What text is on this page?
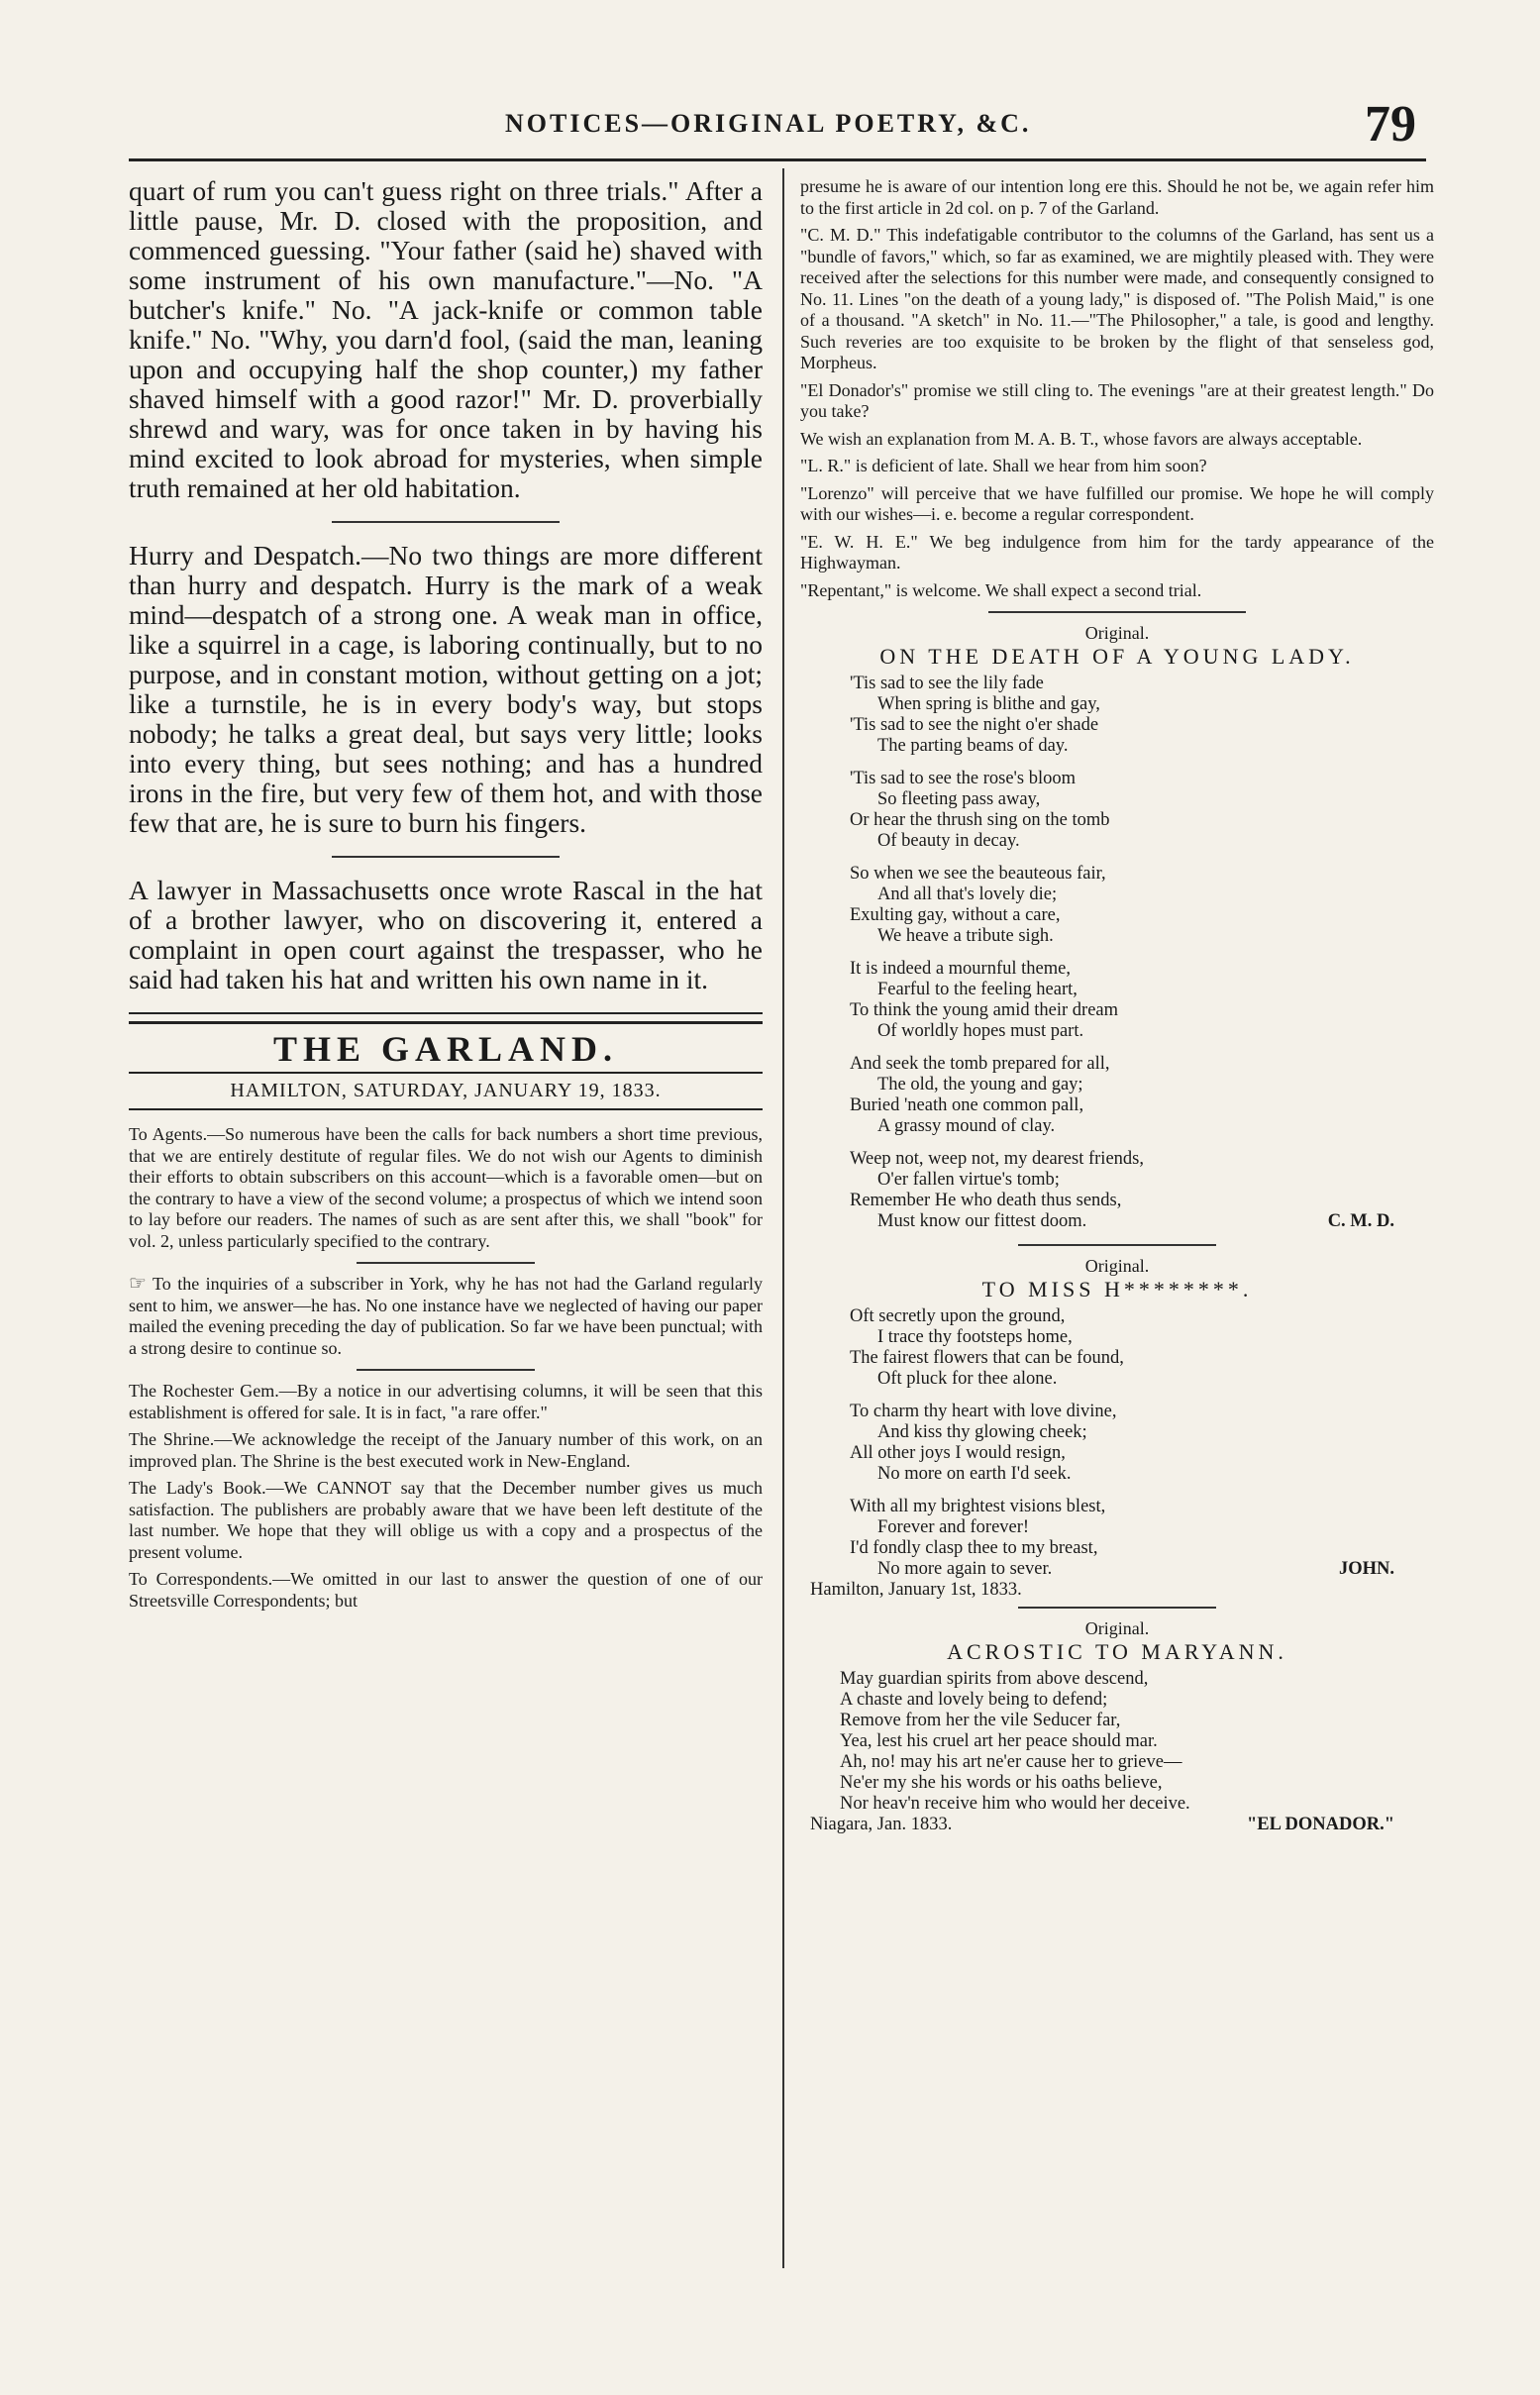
NOTICES—ORIGINAL POETRY, &C.	79

quart of rum you can't guess right on three trials." After a little pause, Mr. D. closed with the proposition, and commenced guessing. "Your father (said he) shaved with some instrument of his own manufacture."—No. "A butcher's knife." No. "A jack-knife or common table knife." No. "Why, you darn'd fool, (said the man, leaning upon and occupying half the shop counter,) my father shaved himself with a good razor!" Mr. D. proverbially shrewd and wary, was for once taken in by having his mind excited to look abroad for mysteries, when simple truth remained at her old habitation.

Hurry and Despatch.—No two things are more different than hurry and despatch. Hurry is the mark of a weak mind—despatch of a strong one. A weak man in office, like a squirrel in a cage, is laboring continually, but to no purpose, and in constant motion, without getting on a jot; like a turnstile, he is in every body's way, but stops nobody; he talks a great deal, but says very little; looks into every thing, but sees nothing; and has a hundred irons in the fire, but very few of them hot, and with those few that are, he is sure to burn his fingers.

A lawyer in Massachusetts once wrote Rascal in the hat of a brother lawyer, who on discovering it, entered a complaint in open court against the trespasser, who he said had taken his hat and written his own name in it.

THE GARLAND.
HAMILTON, SATURDAY, JANUARY 19, 1833.

To Agents.—So numerous have been the calls for back numbers a short time previous, that we are entirely destitute of regular files. We do not wish our Agents to diminish their efforts to obtain subscribers on this account—which is a favorable omen—but on the contrary to have a view of the second volume; a prospectus of which we intend soon to lay before our readers. The names of such as are sent after this, we shall "book" for vol. 2, unless particularly specified to the contrary.

☞ To the inquiries of a subscriber in York, why he has not had the Garland regularly sent to him, we answer—he has. No one instance have we neglected of having our paper mailed the evening preceding the day of publication. So far we have been punctual; with a strong desire to continue so.

The Rochester Gem.—By a notice in our advertising columns, it will be seen that this establishment is offered for sale. It is in fact, "a rare offer."

The Shrine.—We acknowledge the receipt of the January number of this work, on an improved plan. The Shrine is the best executed work in New-England.

The Lady's Book.—We CANNOT say that the December number gives us much satisfaction. The publishers are probably aware that we have been left destitute of the last number. We hope that they will oblige us with a copy and a prospectus of the present volume.

To Correspondents.—We omitted in our last to answer the question of one of our Streetsville Correspondents; but

presume he is aware of our intention long ere this. Should he not be, we again refer him to the first article in 2d col. on p. 7 of the Garland.

"C. M. D." This indefatigable contributor to the columns of the Garland, has sent us a "bundle of favors," which, so far as examined, we are mightily pleased with. They were received after the selections for this number were made, and consequently consigned to No. 11. Lines "on the death of a young lady," is disposed of. "The Polish Maid," is one of a thousand. "A sketch" in No. 11.—"The Philosopher," a tale, is good and lengthy. Such reveries are too exquisite to be broken by the flight of that senseless god, Morpheus.

"El Donador's" promise we still cling to. The evenings "are at their greatest length." Do you take?

We wish an explanation from M. A. B. T., whose favors are always acceptable.

"L. R." is deficient of late. Shall we hear from him soon?

"Lorenzo" will perceive that we have fulfilled our promise. We hope he will comply with our wishes—i. e. become a regular correspondent.

"E. W. H. E." We beg indulgence from him for the tardy appearance of the Highwayman.

"Repentant," is welcome. We shall expect a second trial.

Original.
ON THE DEATH OF A YOUNG LADY.
'Tis sad to see the lily fade
When spring is blithe and gay,
'Tis sad to see the night o'er shade
The parting beams of day.
'Tis sad to see the rose's bloom
So fleeting pass away,
Or hear the thrush sing on the tomb
Of beauty in decay.
So when we see the beauteous fair,
And all that's lovely die;
Exulting gay, without a care,
We heave a tribute sigh.
It is indeed a mournful theme,
Fearful to the feeling heart,
To think the young amid their dream
Of worldly hopes must part.
And seek the tomb prepared for all,
The old, the young and gay;
Buried 'neath one common pall,
A grassy mound of clay.
Weep not, weep not, my dearest friends,
O'er fallen virtue's tomb;
Remember He who death thus sends,
Must know our fittest doom.	C. M. D.
Original.
TO MISS H********.
Oft secretly upon the ground,
I trace thy footsteps home,
The fairest flowers that can be found,
Oft pluck for thee alone.
To charm thy heart with love divine,
And kiss thy glowing cheek;
All other joys I would resign,
No more on earth I'd seek.
With all my brightest visions blest,
Forever and forever!
I'd fondly clasp thee to my breast,
No more again to sever.	JOHN.
Hamilton, January 1st, 1833.
Original.
ACROSTIC TO MARYANN.
May guardian spirits from above descend,
A chaste and lovely being to defend;
Remove from her the vile Seducer far,
Yea, lest his cruel art her peace should mar.
Ah, no! may his art ne'er cause her to grieve—
Ne'er my she his words or his oaths believe,
Nor heav'n receive him who would her deceive.
Niagara, Jan. 1833.	"EL DONADOR."
